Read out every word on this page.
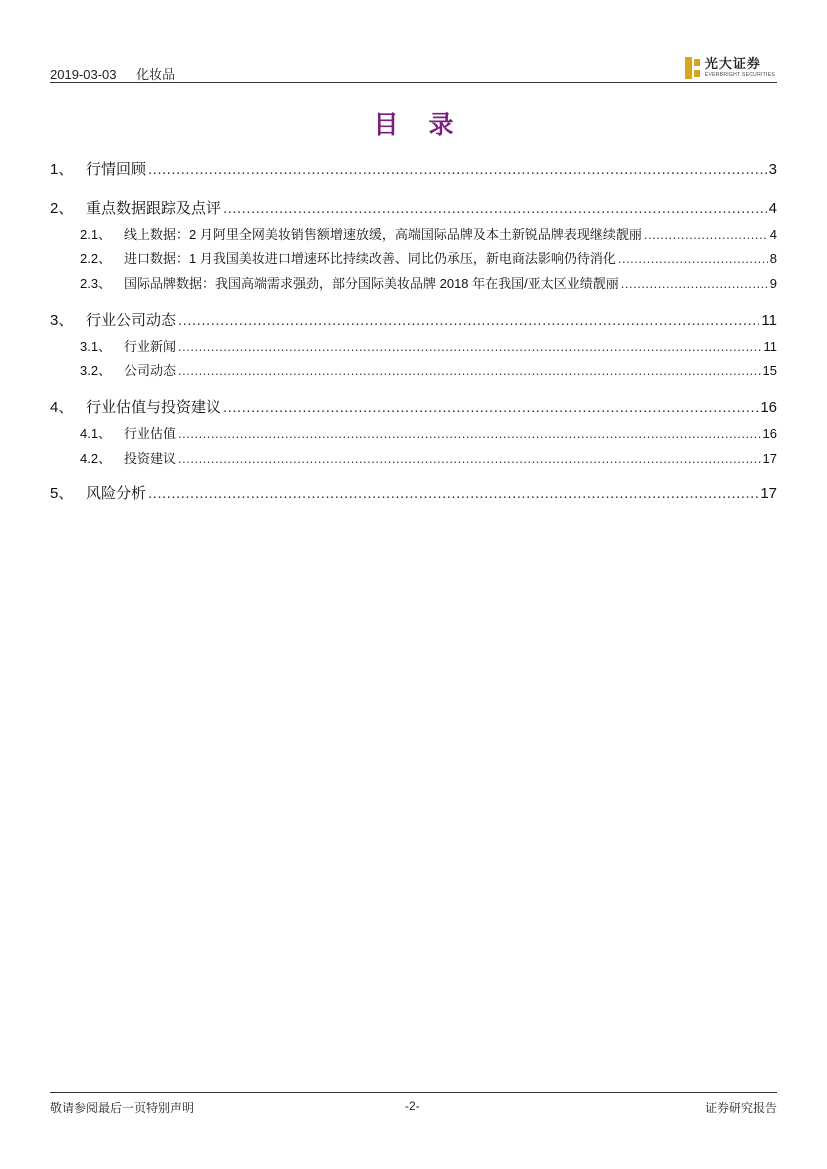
2019-03-03 化妆品
光大证券
EVERBRIGHT SECURITIES
目 录
1、 行情回顾 .....	3
2、 重点数据跟踪及点评 .....	4
2.1、 线上数据：2 月阿里全网美妆销售额增速放缓，高端国际品牌及本土新锐品牌表现继续靓丽 .....	4
2.2、 进口数据：1 月我国美妆进口增速环比持续改善、同比仍承压，新电商法影响仍待消化 .....	8
2.3、 国际品牌数据：我国高端需求强劲，部分国际美妆品牌 2018 年在我国/亚太区业绩靓丽 .....	9
3、 行业公司动态 .....	11
3.1、 行业新闻 .....	11
3.2、 公司动态 .....	15
4、 行业估值与投资建议 .....	16
4.1、 行业估值 .....	16
4.2、 投资建议 .....	17
5、 风险分析 .....	17
敬请参阅最后一页特别声明	-2-	证券研究报告
